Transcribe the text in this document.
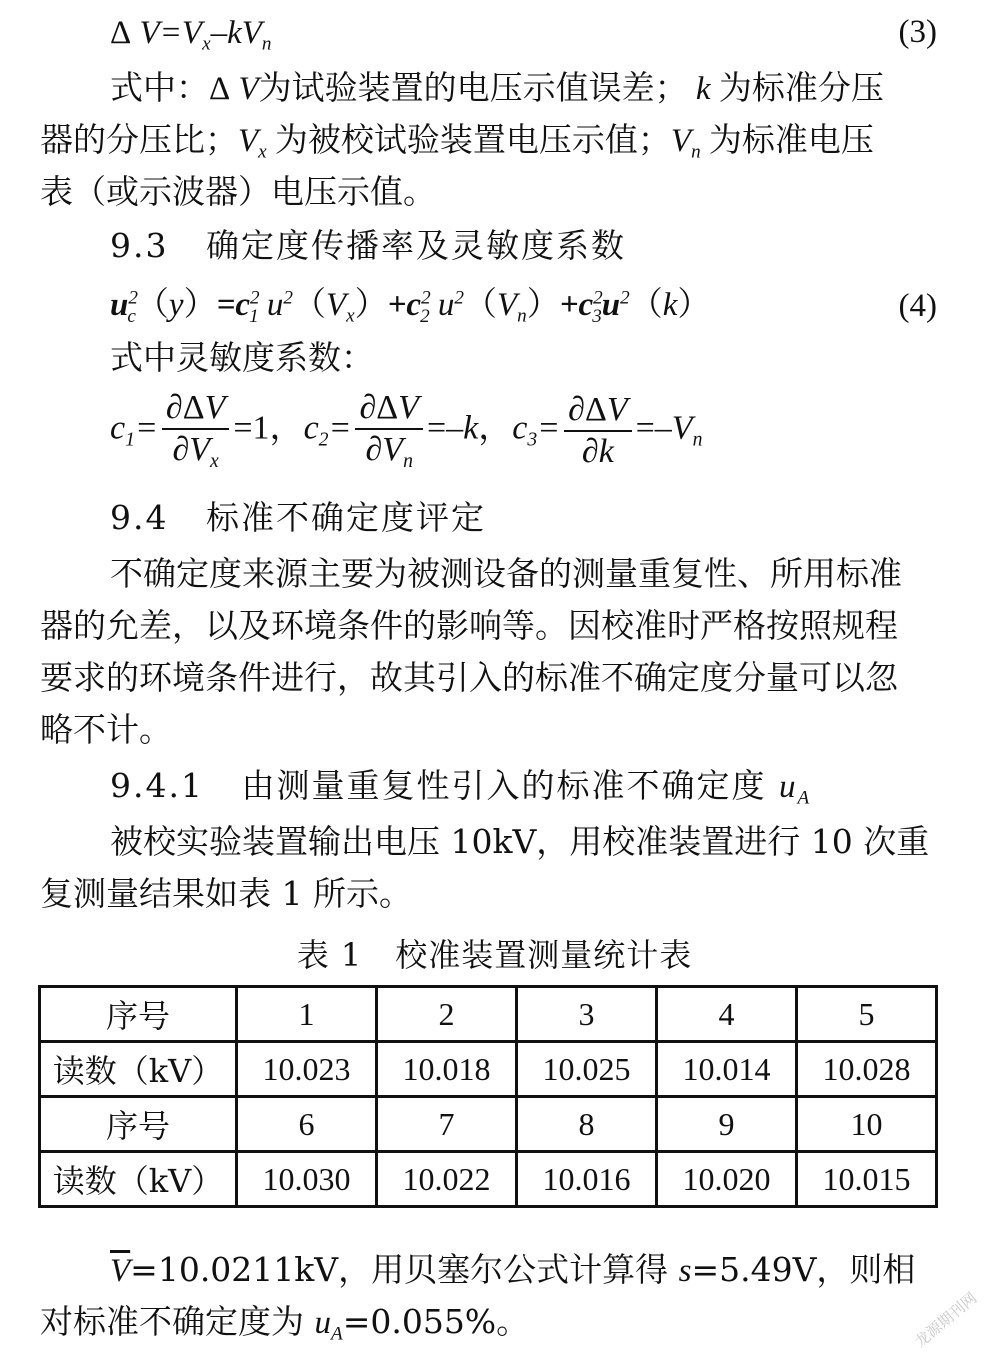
Δ $V=V_x-kV_n$	(3)
式中：Δ V为试验装置的电压示值误差； k 为标准分压
器的分压比；$V_x$ 为被校试验装置电压示值；$V_n$ 为标准电压
表（或示波器）电压示值。
9.3 确定度传播率及灵敏度系数
$u^2_c(y)=c^2_1$ $u^2(V_x)+c^2_2$ $u^2(V_n)+c^2_3u^2(k)$	(4)
式中灵敏度系数：
$c_1= \frac{\partial\Delta V}{\partial V_x} =1$，$c_2= \frac{\partial\Delta V}{\partial V_n} =-k$，$c_3= \frac{\partial\Delta V}{\partial k} =-V_n$
9.4 标准不确定度评定
不确定度来源主要为被测设备的测量重复性、所用标准
器的允差，以及环境条件的影响等。因校准时严格按照规程
要求的环境条件进行，故其引入的标准不确定度分量可以忽
略不计。
9.4.1 由测量重复性引入的标准不确定度 $u_A$
被校实验装置输出电压 10kV，用校准装置进行 10 次重
复测量结果如表 1 所示。
表 1　校准装置测量统计表
序号	1	2	3	4	5
读数（kV）	10.023	10.018	10.025	10.014	10.028
序号	6	7	8	9	10
读数（kV）	10.030	10.022	10.016	10.020	10.015
$\overline{V}=10.0211kV$，用贝塞尔公式计算得 s=5.49V，则相
对标准不确定度为 $u_A=0.055\%$。	龙源期刊网
